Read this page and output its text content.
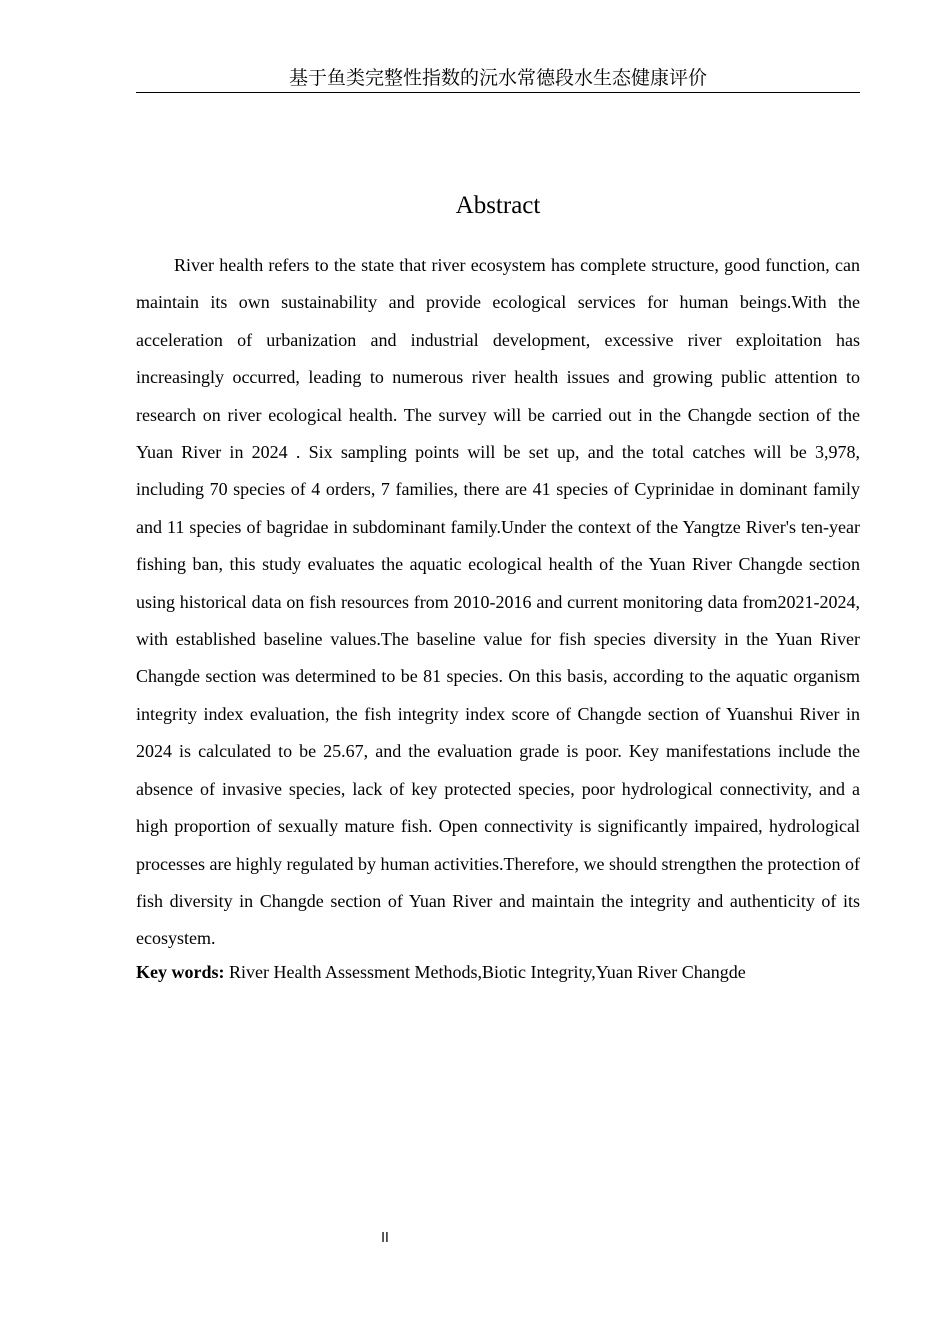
基于鱼类完整性指数的沅水常德段水生态健康评价
Abstract

River health refers to the state that river ecosystem has complete structure, good function, can maintain its own sustainability and provide ecological services for human beings.With the acceleration of urbanization and industrial development, excessive river exploitation has increasingly occurred, leading to numerous river health issues and growing public attention to research on river ecological health. The survey will be carried out in the Changde section of the Yuan River in 2024 . Six sampling points will be set up, and the total catches will be 3,978, including 70 species of 4 orders, 7 families, there are 41 species of Cyprinidae in dominant family and 11 species of bagridae in subdominant family.Under the context of the Yangtze River's ten-year fishing ban, this study evaluates the aquatic ecological health of the Yuan River Changde section using historical data on fish resources from 2010-2016 and current monitoring data from2021-2024, with established baseline values.The baseline value for fish species diversity in the Yuan River Changde section was determined to be 81 species. On this basis, according to the aquatic organism integrity index evaluation, the fish integrity index score of Changde section of Yuanshui River in 2024 is calculated to be 25.67, and the evaluation grade is poor. Key manifestations include the absence of invasive species, lack of key protected species, poor hydrological connectivity, and a high proportion of sexually mature fish. Open connectivity is significantly impaired, hydrological processes are highly regulated by human activities.Therefore, we should strengthen the protection of fish diversity in Changde section of Yuan River and maintain the integrity and authenticity of its ecosystem.

Key words: River Health Assessment Methods,Biotic Integrity,Yuan River Changde

II
